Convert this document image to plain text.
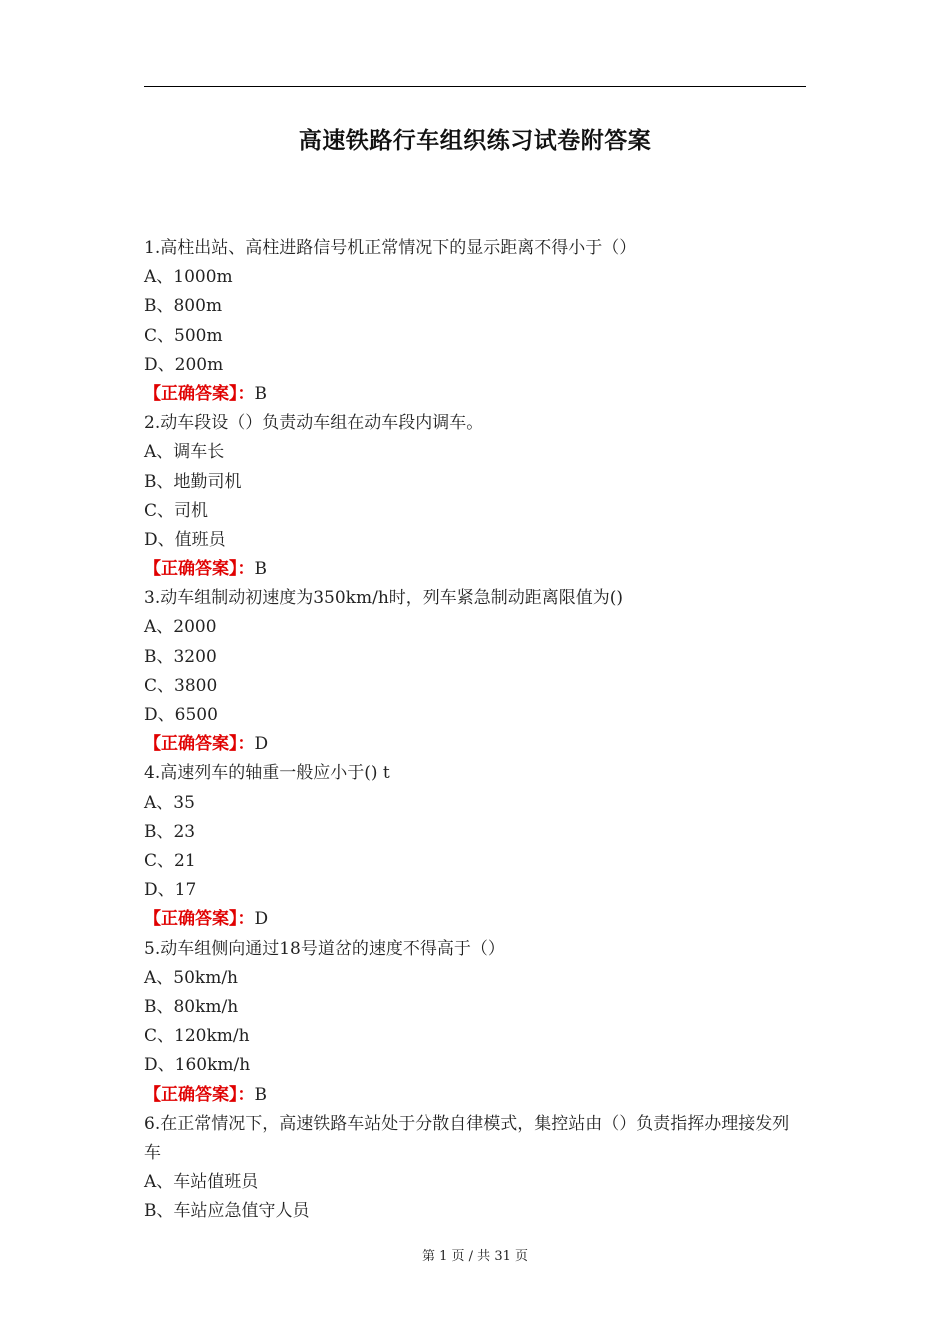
高速铁路行车组织练习试卷附答案
1.高柱出站、高柱进路信号机正常情况下的显示距离不得小于（）
A、1000m
B、800m
C、500m
D、200m
【正确答案】：B
2.动车段设（）负责动车组在动车段内调车。
A、调车长
B、地勤司机
C、司机
D、值班员
【正确答案】：B
3.动车组制动初速度为350km/h时，列车紧急制动距离限值为()
A、2000
B、3200
C、3800
D、6500
【正确答案】：D
4.高速列车的轴重一般应小于() t
A、35
B、23
C、21
D、17
【正确答案】：D
5.动车组侧向通过18号道岔的速度不得高于（）
A、50km/h
B、80km/h
C、120km/h
D、160km/h
【正确答案】：B
6.在正常情况下，高速铁路车站处于分散自律模式，集控站由（）负责指挥办理接发列车
A、车站值班员
B、车站应急值守人员
第 1 页 / 共 31 页
